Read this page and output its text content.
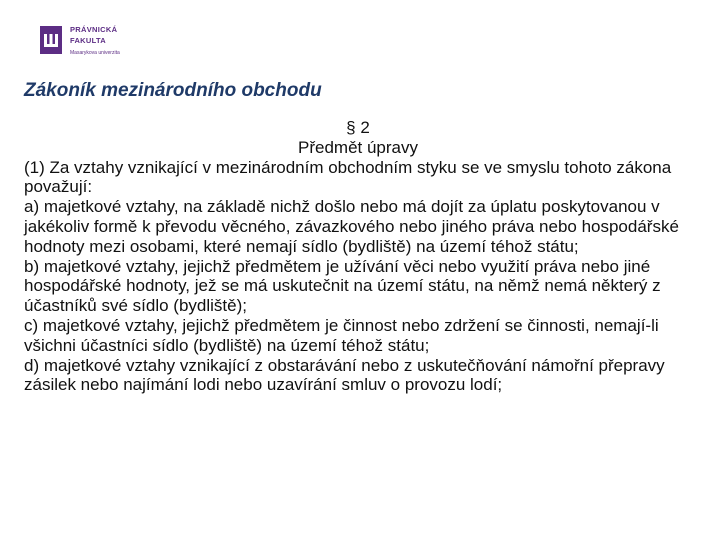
PRÁVNICKÁ
FAKULTA
Masarykova univerzita
Zákoník mezinárodního obchodu

§ 2

Předmět úpravy

(1) Za vztahy vznikající v mezinárodním obchodním styku se ve smyslu tohoto zákona považují:

a) majetkové vztahy, na základě nichž došlo nebo má dojít za úplatu poskytovanou v jakékoliv formě k převodu věcného, závazkového nebo jiného práva nebo hospodářské hodnoty mezi osobami, které nemají sídlo (bydliště) na území téhož státu;

b) majetkové vztahy, jejichž předmětem je užívání věci nebo využití práva nebo jiné hospodářské hodnoty, jež se má uskutečnit na území státu, na němž nemá některý z účastníků své sídlo (bydliště);

c) majetkové vztahy, jejichž předmětem je činnost nebo zdržení se činnosti, nemají-li všichni účastníci sídlo (bydliště) na území téhož státu;

d) majetkové vztahy vznikající z obstarávání nebo z uskutečňování námořní přepravy zásilek nebo najímání lodi nebo uzavírání smluv o provozu lodí;
